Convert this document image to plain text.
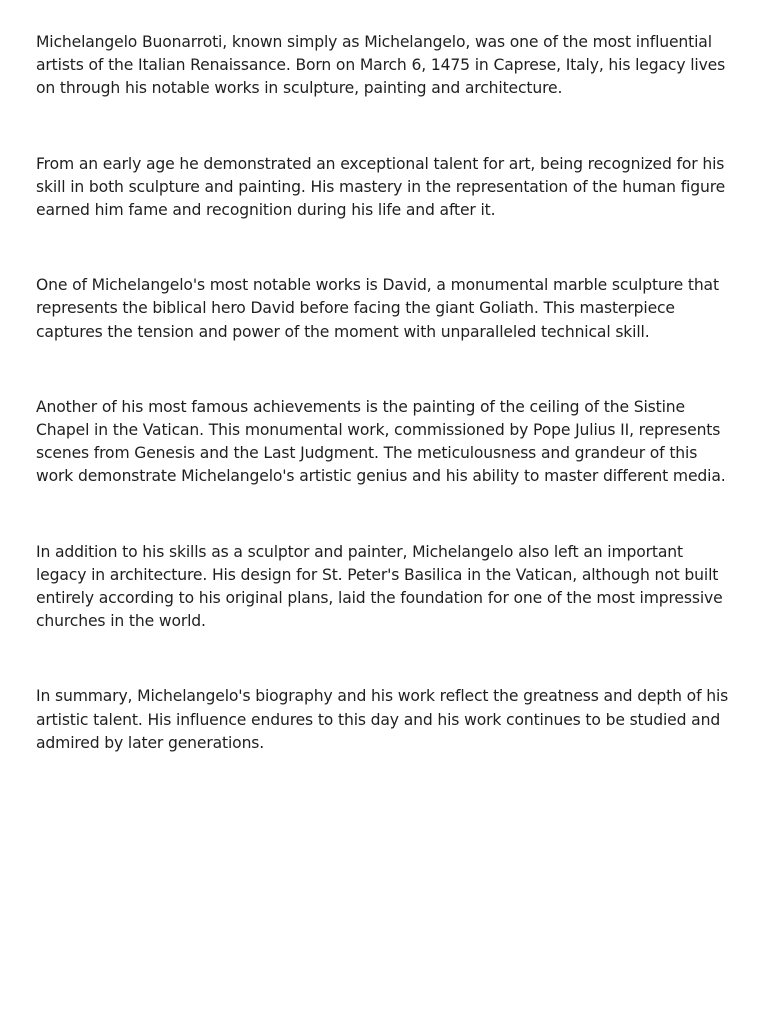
Michelangelo Buonarroti, known simply as Michelangelo, was one of the most influential artists of the Italian Renaissance. Born on March 6, 1475 in Caprese, Italy, his legacy lives on through his notable works in sculpture, painting and architecture.

From an early age he demonstrated an exceptional talent for art, being recognized for his skill in both sculpture and painting. His mastery in the representation of the human figure earned him fame and recognition during his life and after it.

One of Michelangelo's most notable works is David, a monumental marble sculpture that represents the biblical hero David before facing the giant Goliath. This masterpiece captures the tension and power of the moment with unparalleled technical skill.

Another of his most famous achievements is the painting of the ceiling of the Sistine Chapel in the Vatican. This monumental work, commissioned by Pope Julius II, represents scenes from Genesis and the Last Judgment. The meticulousness and grandeur of this work demonstrate Michelangelo's artistic genius and his ability to master different media.

In addition to his skills as a sculptor and painter, Michelangelo also left an important legacy in architecture. His design for St. Peter's Basilica in the Vatican, although not built entirely according to his original plans, laid the foundation for one of the most impressive churches in the world.

In summary, Michelangelo's biography and his work reflect the greatness and depth of his artistic talent. His influence endures to this day and his work continues to be studied and admired by later generations.
